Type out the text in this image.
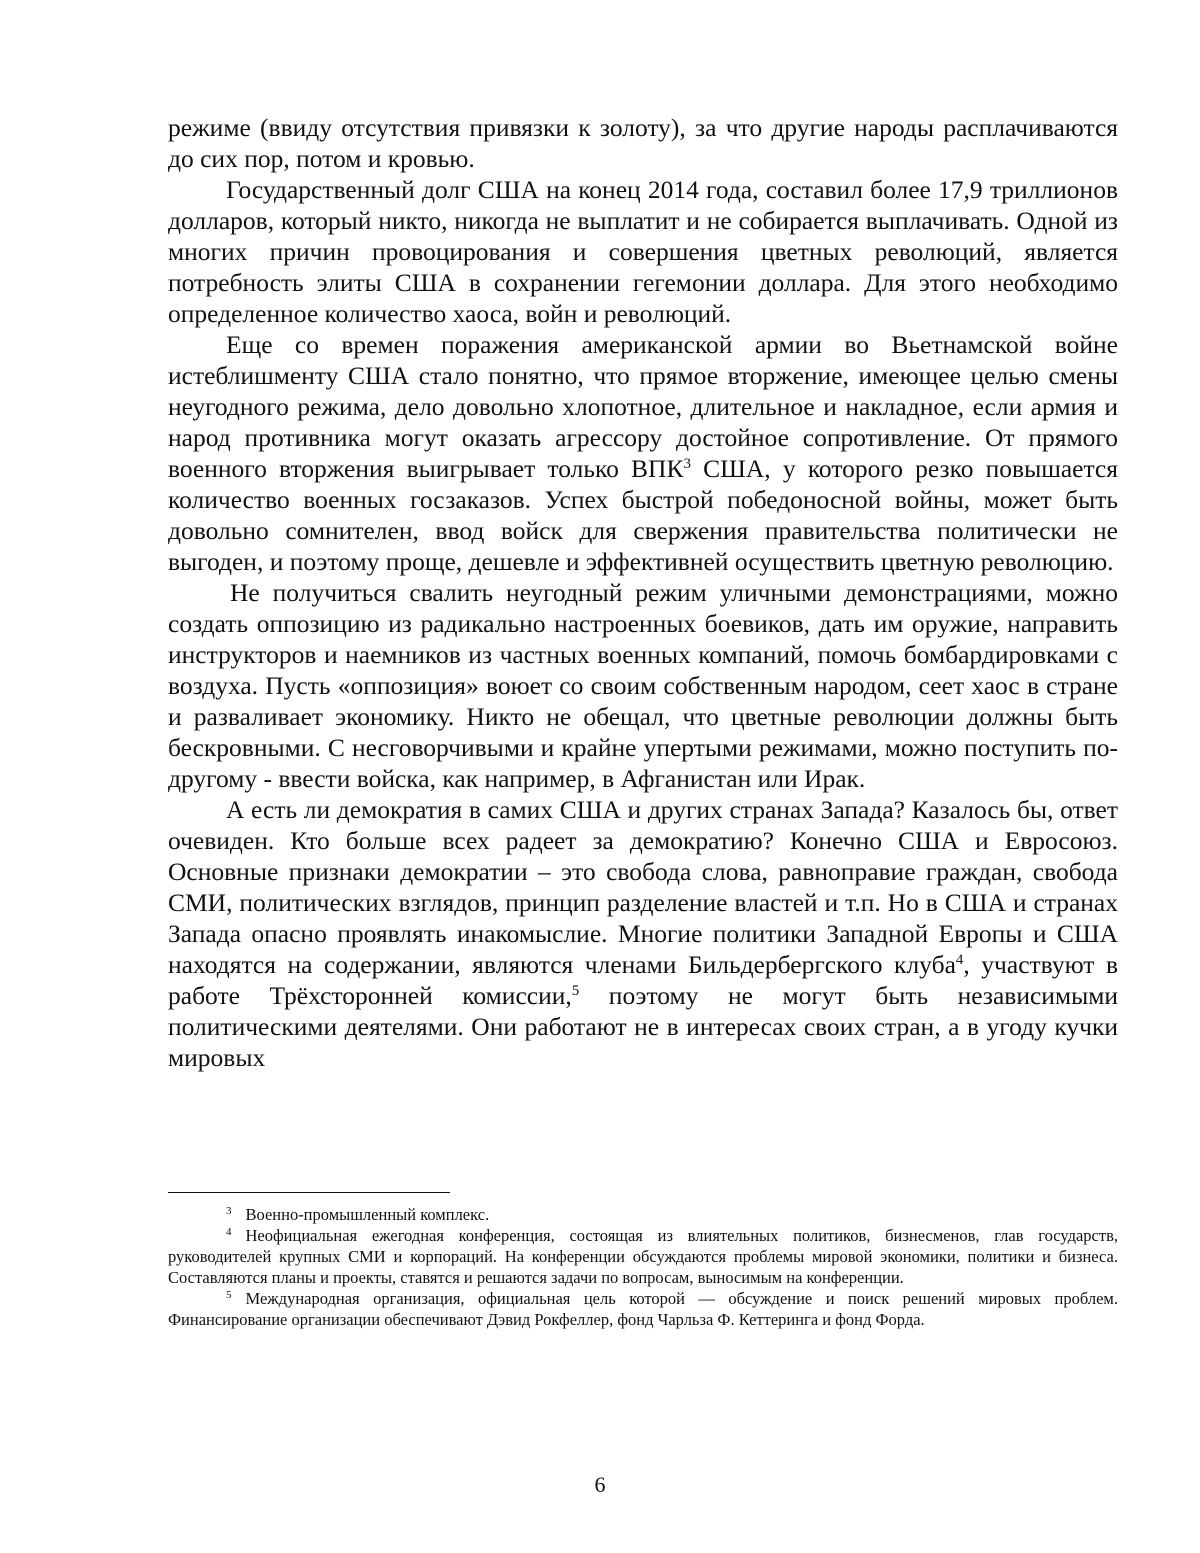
режиме (ввиду отсутствия привязки к золоту), за что другие народы расплачиваются до сих пор, потом и кровью.

Государственный долг США на конец 2014 года, составил более 17,9 триллионов долларов, который никто, никогда не выплатит и не собирается выплачивать. Одной из многих причин провоцирования и совершения цветных революций, является потребность элиты США в сохранении гегемонии доллара. Для этого необходимо определенное количество хаоса, войн и революций.

Еще со времен поражения американской армии во Вьетнамской войне истеблишменту США стало понятно, что прямое вторжение, имеющее целью смены неугодного режима, дело довольно хлопотное, длительное и накладное, если армия и народ противника могут оказать агрессору достойное сопротивление. От прямого военного вторжения выигрывает только ВПК$^3$ США, у которого резко повышается количество военных госзаказов. Успех быстрой победоносной войны, может быть довольно сомнителен, ввод войск для свержения правительства политически не выгоден, и поэтому проще, дешевле и эффективней осуществить цветную революцию.

Не получиться свалить неугодный режим уличными демонстрациями, можно создать оппозицию из радикально настроенных боевиков, дать им оружие, направить инструкторов и наемников из частных военных компаний, помочь бомбардировками с воздуха. Пусть «оппозиция» воюет со своим собственным народом, сеет хаос в стране и разваливает экономику. Никто не обещал, что цветные революции должны быть бескровными. С несговорчивыми и крайне упертыми режимами, можно поступить по-другому - ввести войска, как например, в Афганистан или Ирак.

А есть ли демократия в самих США и других странах Запада? Казалось бы, ответ очевиден. Кто больше всех радеет за демократию? Конечно США и Евросоюз. Основные признаки демократии – это свобода слова, равноправие граждан, свобода СМИ, политических взглядов, принцип разделение властей и т.п. Но в США и странах Запада опасно проявлять инакомыслие. Многие политики Западной Европы и США находятся на содержании, являются членами Бильдербергского клуба$^4$, участвуют в работе Трёхсторонней комиссии,$^5$ поэтому не могут быть независимыми политическими деятелями. Они работают не в интересах своих стран, а в угоду кучки мировых

$^3$ Военно-промышленный комплекс.

$^4$ Неофициальная ежегодная конференция, состоящая из влиятельных политиков, бизнесменов, глав государств, руководителей крупных СМИ и корпораций. На конференции обсуждаются проблемы мировой экономики, политики и бизнеса. Составляются планы и проекты, ставятся и решаются задачи по вопросам, выносимым на конференции.

$^5$ Международная организация, официальная цель которой — обсуждение и поиск решений мировых проблем. Финансирование организации обеспечивают Дэвид Рокфеллер, фонд Чарльза Ф. Кеттеринга и фонд Форда.

6
